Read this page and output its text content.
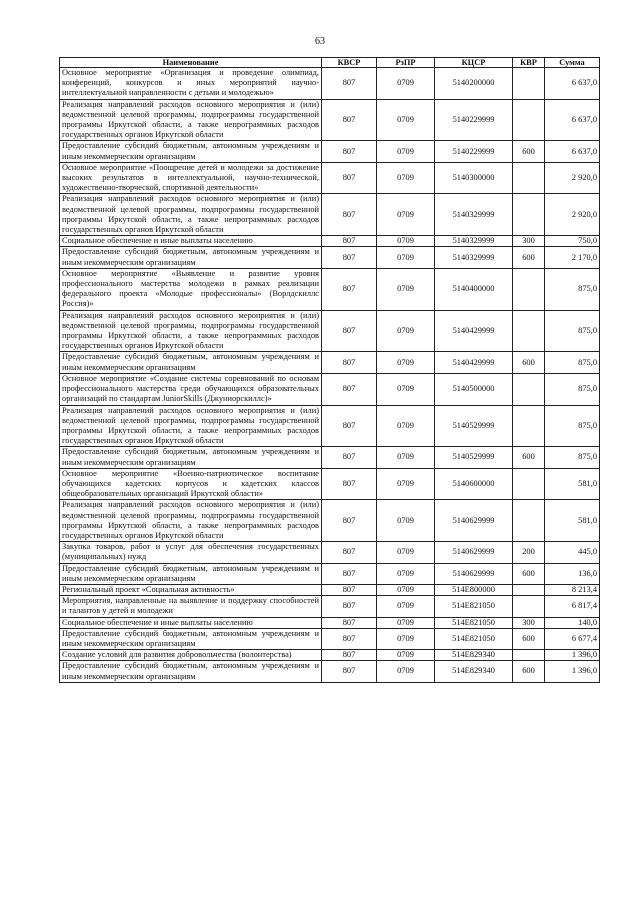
63
Наименование	КВСР	РзПР	КЦСР	КВР	Сумма
Основное мероприятие «Организация и проведение олимпиад, конференций, конкурсов и иных мероприятий научно-интеллектуальной направленности с детьми и молодежью»	807	0709	5140200000		6 637,0
Реализация направлений расходов основного мероприятия и (или) ведомственной целевой программы, подпрограммы государственной программы Иркутской области, а также непрограммных расходов государственных органов Иркутской области	807	0709	5140229999		6 637,0
Предоставление субсидий бюджетным, автономным учреждениям и иным некоммерческим организациям	807	0709	5140229999	600	6 637,0
Основное мероприятие «Поощрение детей и молодежи за достижение высоких результатов в интеллектуальной, научно-технической, художественно-творческой, спортивной деятельности»	807	0709	5140300000		2 920,0
Реализация направлений расходов основного мероприятия и (или) ведомственной целевой программы, подпрограммы государственной программы Иркутской области, а также непрограммных расходов государственных органов Иркутской области	807	0709	5140329999		2 920,0
Социальное обеспечение и иные выплаты населению	807	0709	5140329999	300	750,0
Предоставление субсидий бюджетным, автономным учреждениям и иным некоммерческим организациям	807	0709	5140329999	600	2 170,0
Основное мероприятие «Выявление и развитие уровня профессионального мастерства молодежи в рамках реализации федерального проекта «Молодые профессионалы» (Ворлдскиллс Россия)»	807	0709	5140400000		875,0
Реализация направлений расходов основного мероприятия и (или) ведомственной целевой программы, подпрограммы государственной программы Иркутской области, а также непрограммных расходов государственных органов Иркутской области	807	0709	5140429999		875,0
Предоставление субсидий бюджетным, автономным учреждениям и иным некоммерческим организациям	807	0709	5140429999	600	875,0
Основное мероприятие «Создание системы соревнований по основам профессионального мастерства среди обучающихся образовательных организаций по стандартам JuniorSkills (Джуниорскиллс)»	807	0709	5140500000		875,0
Реализация направлений расходов основного мероприятия и (или) ведомственной целевой программы, подпрограммы государственной программы Иркутской области, а также непрограммных расходов государственных органов Иркутской области	807	0709	5140529999		875,0
Предоставление субсидий бюджетным, автономным учреждениям и иным некоммерческим организациям	807	0709	5140529999	600	875,0
Основное мероприятие «Военно-патриотическое воспитание обучающихся кадетских корпусов и кадетских классов общеобразовательных организаций Иркутской области»	807	0709	5140600000		581,0
Реализация направлений расходов основного мероприятия и (или) ведомственной целевой программы, подпрограммы государственной программы Иркутской области, а также непрограммных расходов государственных органов Иркутской области	807	0709	5140629999		581,0
Закупка товаров, работ и услуг для обеспечения государственных (муниципальных) нужд	807	0709	5140629999	200	445,0
Предоставление субсидий бюджетным, автономным учреждениям и иным некоммерческим организациям	807	0709	5140629999	600	136,0
Региональный проект «Социальная активность»	807	0709	514E800000		8 213,4
Мероприятия, направленные на выявление и поддержку способностей и талантов у детей и молодежи	807	0709	514E821050		6 817,4
Социальное обеспечение и иные выплаты населению	807	0709	514E821050	300	140,0
Предоставление субсидий бюджетным, автономным учреждениям и иным некоммерческим организациям	807	0709	514E821050	600	6 677,4
Создание условий для развития добровольчества (волонтерства)	807	0709	514E829340		1 396,0
Предоставление субсидий бюджетным, автономным учреждениям и иным некоммерческим организациям	807	0709	514E829340	600	1 396,0
